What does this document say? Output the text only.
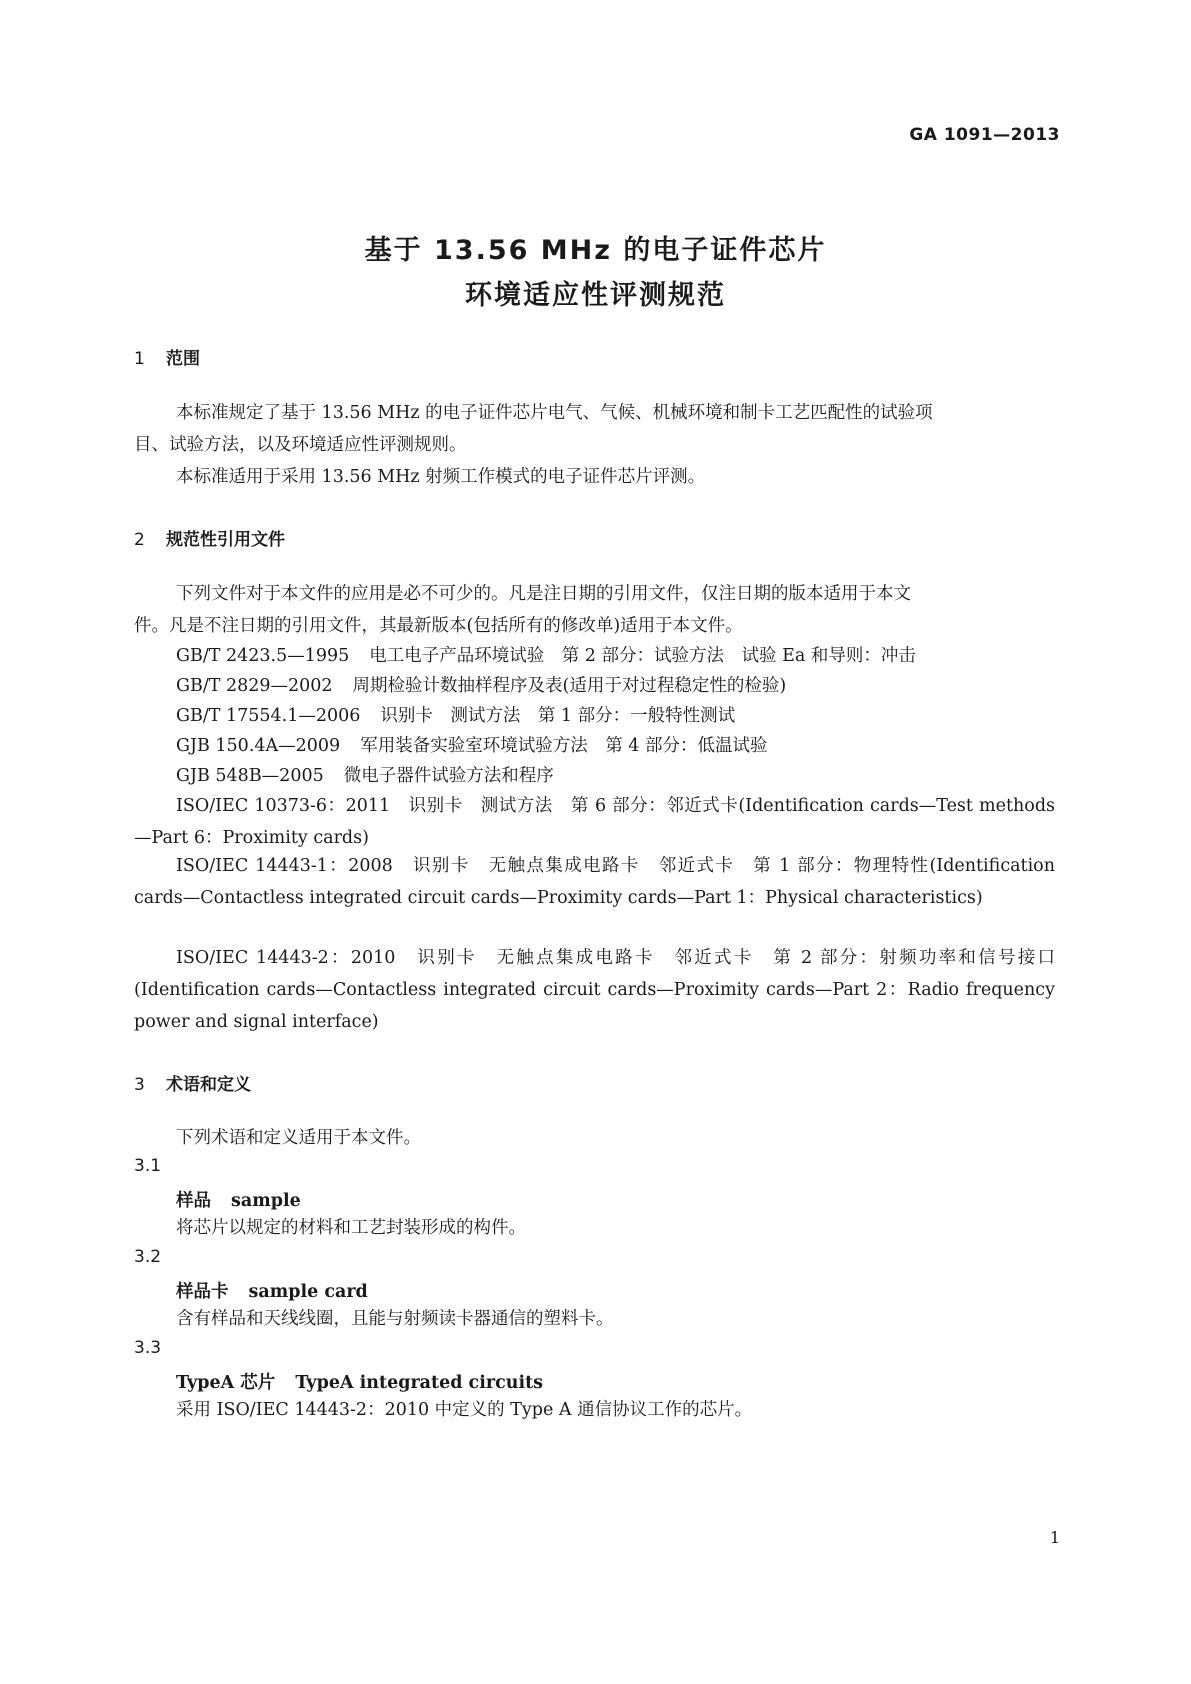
GA 1091—2013
基于 13.56 MHz 的电子证件芯片
环境适应性评测规范
1 范围
本标准规定了基于 13.56 MHz 的电子证件芯片电气、气候、机械环境和制卡工艺匹配性的试验项
目、试验方法，以及环境适应性评测规则。
本标准适用于采用 13.56 MHz 射频工作模式的电子证件芯片评测。
2 规范性引用文件
下列文件对于本文件的应用是必不可少的。凡是注日期的引用文件，仅注日期的版本适用于本文
件。凡是不注日期的引用文件，其最新版本(包括所有的修改单)适用于本文件。
GB/T 2423.5—1995 电工电子产品环境试验　第 2 部分：试验方法　试验 Ea 和导则：冲击
GB/T 2829—2002 周期检验计数抽样程序及表(适用于对过程稳定性的检验)
GB/T 17554.1—2006 识别卡　测试方法　第 1 部分：一般特性测试
GJB 150.4A—2009 军用装备实验室环境试验方法　第 4 部分：低温试验
GJB 548B—2005 微电子器件试验方法和程序
ISO/IEC 10373-6：2011　识别卡　测试方法　第 6 部分：邻近式卡(Identification cards—Test methods—Part 6：Proximity cards)
ISO/IEC 14443-1：2008　识别卡　无触点集成电路卡　邻近式卡　第 1 部分：物理特性(Identification cards—Contactless integrated circuit cards—Proximity cards—Part 1：Physical characteristics)
ISO/IEC 14443-2：2010　识别卡　无触点集成电路卡　邻近式卡　第 2 部分：射频功率和信号接口(Identification cards—Contactless integrated circuit cards—Proximity cards—Part 2：Radio frequency power and signal interface)
3 术语和定义
下列术语和定义适用于本文件。
3.1
样品 sample
将芯片以规定的材料和工艺封装形成的构件。
3.2
样品卡 sample card
含有样品和天线线圈，且能与射频读卡器通信的塑料卡。
3.3
TypeA 芯片 TypeA integrated circuits
采用 ISO/IEC 14443-2：2010 中定义的 Type A 通信协议工作的芯片。
1
